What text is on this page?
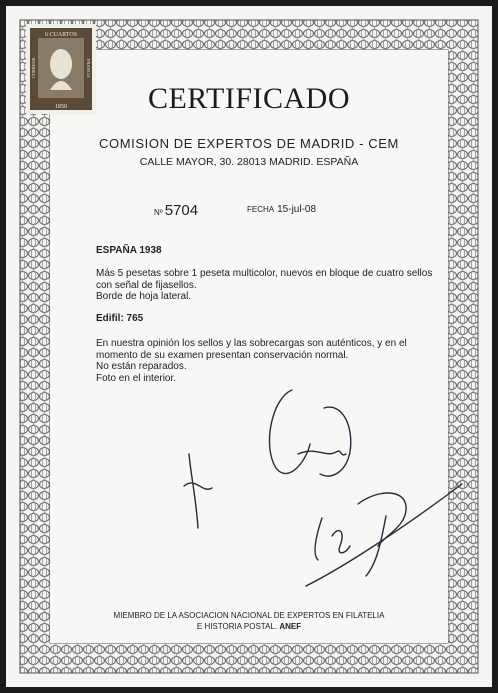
6 CUARTOS
1850
CORREOS	FRANCO
CERTIFICADO
COMISION DE EXPERTOS DE MADRID - CEM
CALLE MAYOR, 30. 28013 MADRID. ESPAÑA
Nº 5704	FECHA 15-jul-08
ESPAÑA 1938
Más 5 pesetas sobre 1 peseta multicolor, nuevos en bloque de cuatro sellos con señal de fijasellos.
Borde de hoja lateral.
Edifil: 765
En nuestra opinión los sellos y las sobrecargas son auténticos, y en el momento de su examen presentan conservación normal.
No están reparados.
Foto en el interior.
MIEMBRO DE LA ASOCIACION NACIONAL DE EXPERTOS EN FILATELIA
E HISTORIA POSTAL. ANEF
